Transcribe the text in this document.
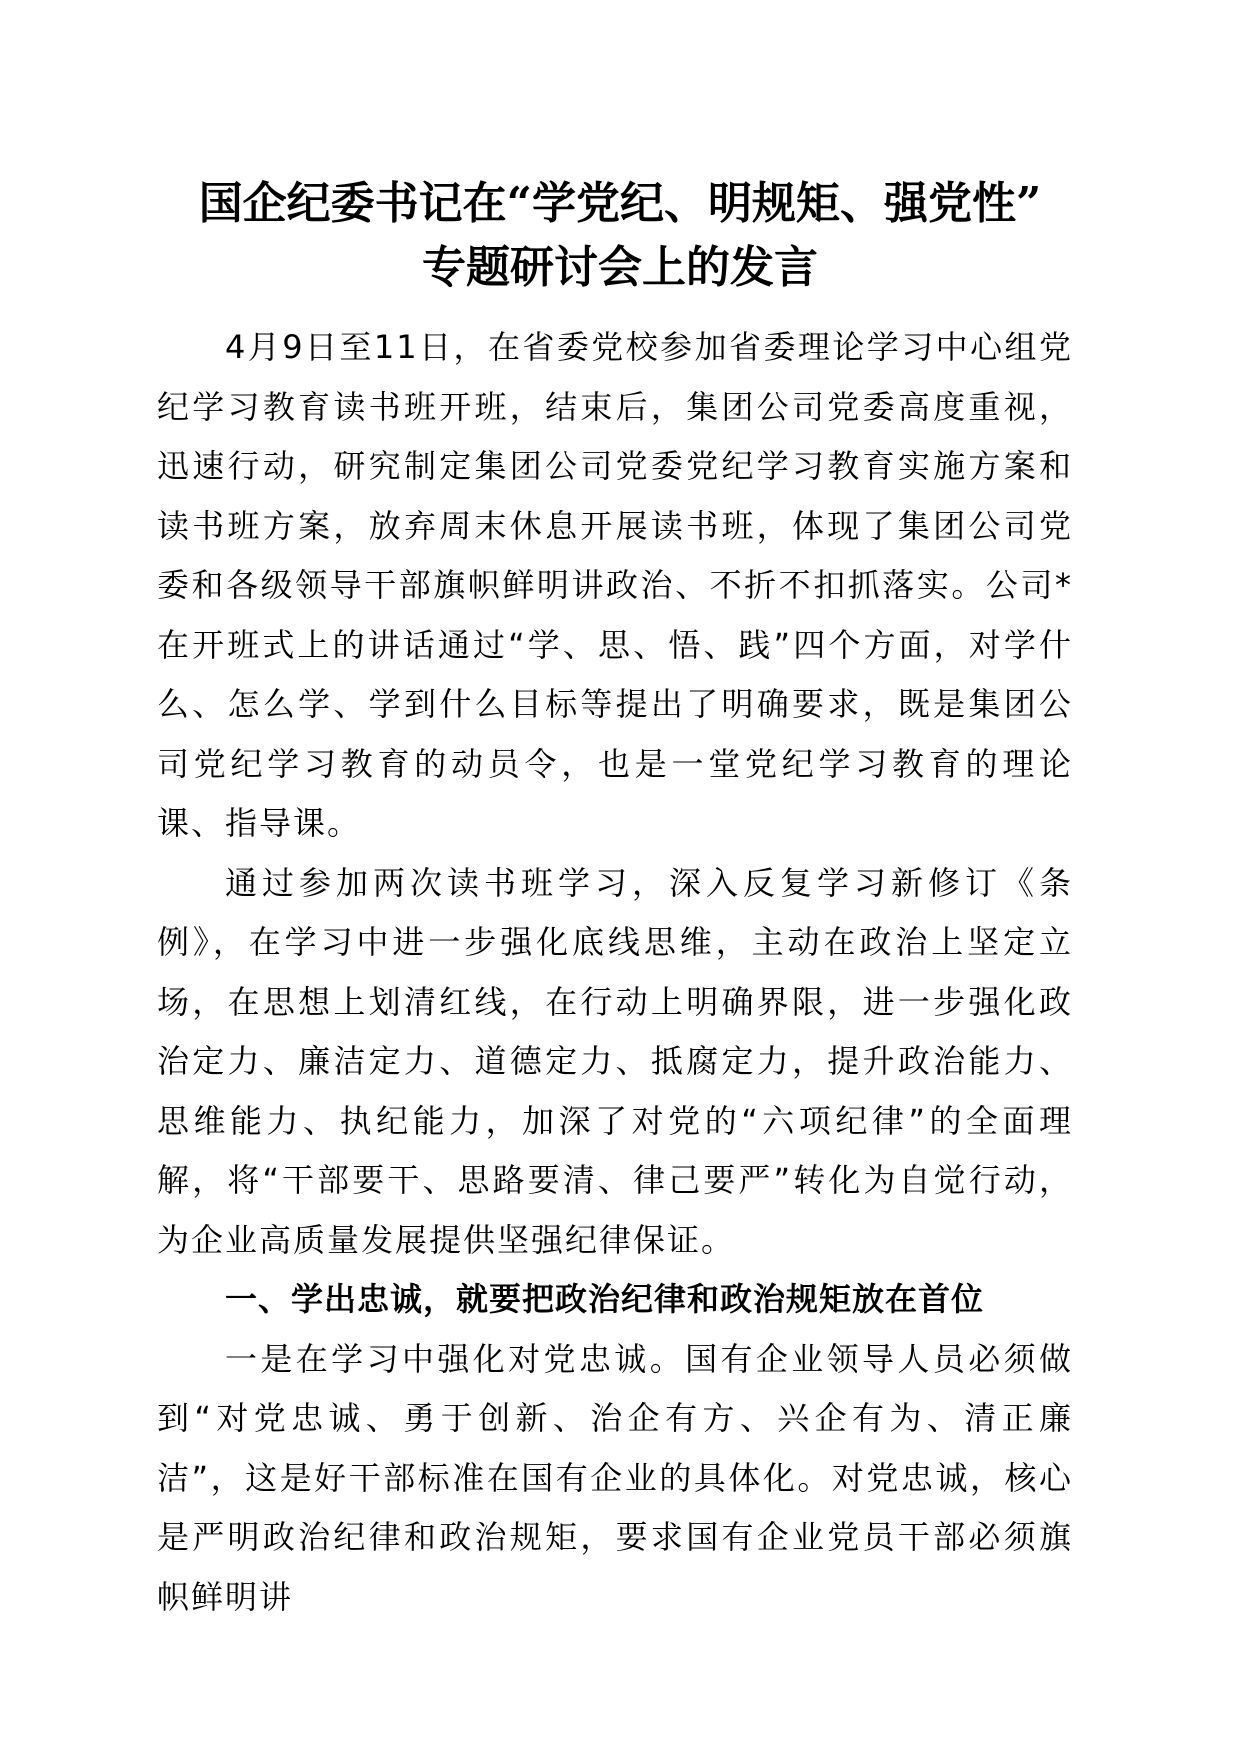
国企纪委书记在“学党纪、明规矩、强党性”
专题研讨会上的发言

4月9日至11日，在省委党校参加省委理论学习中心组党纪学习教育读书班开班，结束后，集团公司党委高度重视，迅速行动，研究制定集团公司党委党纪学习教育实施方案和读书班方案，放弃周末休息开展读书班，体现了集团公司党委和各级领导干部旗帜鲜明讲政治、不折不扣抓落实。公司*在开班式上的讲话通过“学、思、悟、践”四个方面，对学什么、怎么学、学到什么目标等提出了明确要求，既是集团公司党纪学习教育的动员令，也是一堂党纪学习教育的理论课、指导课。

通过参加两次读书班学习，深入反复学习新修订《条例》，在学习中进一步强化底线思维，主动在政治上坚定立场，在思想上划清红线，在行动上明确界限，进一步强化政治定力、廉洁定力、道德定力、抵腐定力，提升政治能力、思维能力、执纪能力，加深了对党的“六项纪律”的全面理解，将“干部要干、思路要清、律己要严”转化为自觉行动，为企业高质量发展提供坚强纪律保证。

一、学出忠诚，就要把政治纪律和政治规矩放在首位

一是在学习中强化对党忠诚。国有企业领导人员必须做到“对党忠诚、勇于创新、治企有方、兴企有为、清正廉洁”，这是好干部标准在国有企业的具体化。对党忠诚，核心是严明政治纪律和政治规矩，要求国有企业党员干部必须旗帜鲜明讲
